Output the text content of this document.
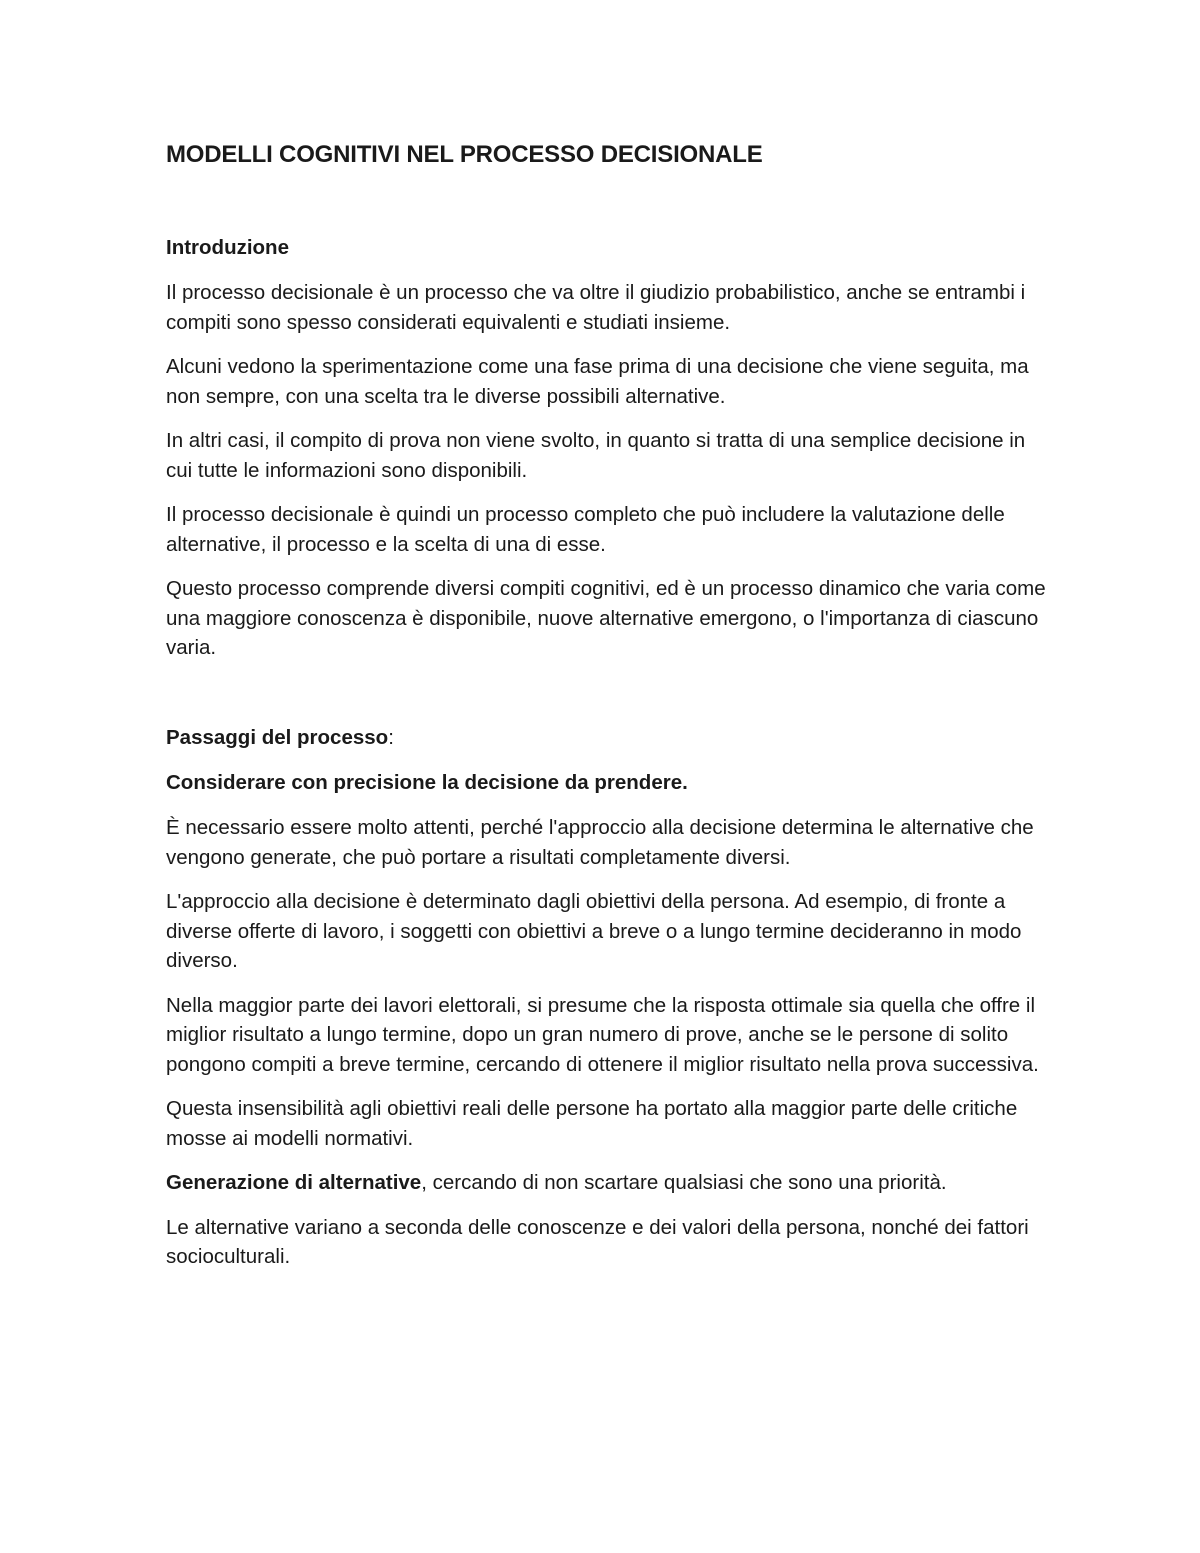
MODELLI COGNITIVI NEL PROCESSO DECISIONALE
Introduzione

Il processo decisionale è un processo che va oltre il giudizio probabilistico, anche se entrambi i compiti sono spesso considerati equivalenti e studiati insieme.

Alcuni vedono la sperimentazione come una fase prima di una decisione che viene seguita, ma non sempre, con una scelta tra le diverse possibili alternative.

In altri casi, il compito di prova non viene svolto, in quanto si tratta di una semplice decisione in cui tutte le informazioni sono disponibili.

Il processo decisionale è quindi un processo completo che può includere la valutazione delle alternative, il processo e la scelta di una di esse.

Questo processo comprende diversi compiti cognitivi, ed è un processo dinamico che varia come una maggiore conoscenza è disponibile, nuove alternative emergono, o l'importanza di ciascuno varia.

Passaggi del processo:
Considerare con precisione la decisione da prendere.

È necessario essere molto attenti, perché l'approccio alla decisione determina le alternative che vengono generate, che può portare a risultati completamente diversi.

L'approccio alla decisione è determinato dagli obiettivi della persona. Ad esempio, di fronte a diverse offerte di lavoro, i soggetti con obiettivi a breve o a lungo termine decideranno in modo diverso.

Nella maggior parte dei lavori elettorali, si presume che la risposta ottimale sia quella che offre il miglior risultato a lungo termine, dopo un gran numero di prove, anche se le persone di solito pongono compiti a breve termine, cercando di ottenere il miglior risultato nella prova successiva.

Questa insensibilità agli obiettivi reali delle persone ha portato alla maggior parte delle critiche mosse ai modelli normativi.

Generazione di alternative, cercando di non scartare qualsiasi che sono una priorità.

Le alternative variano a seconda delle conoscenze e dei valori della persona, nonché dei fattori socioculturali.
